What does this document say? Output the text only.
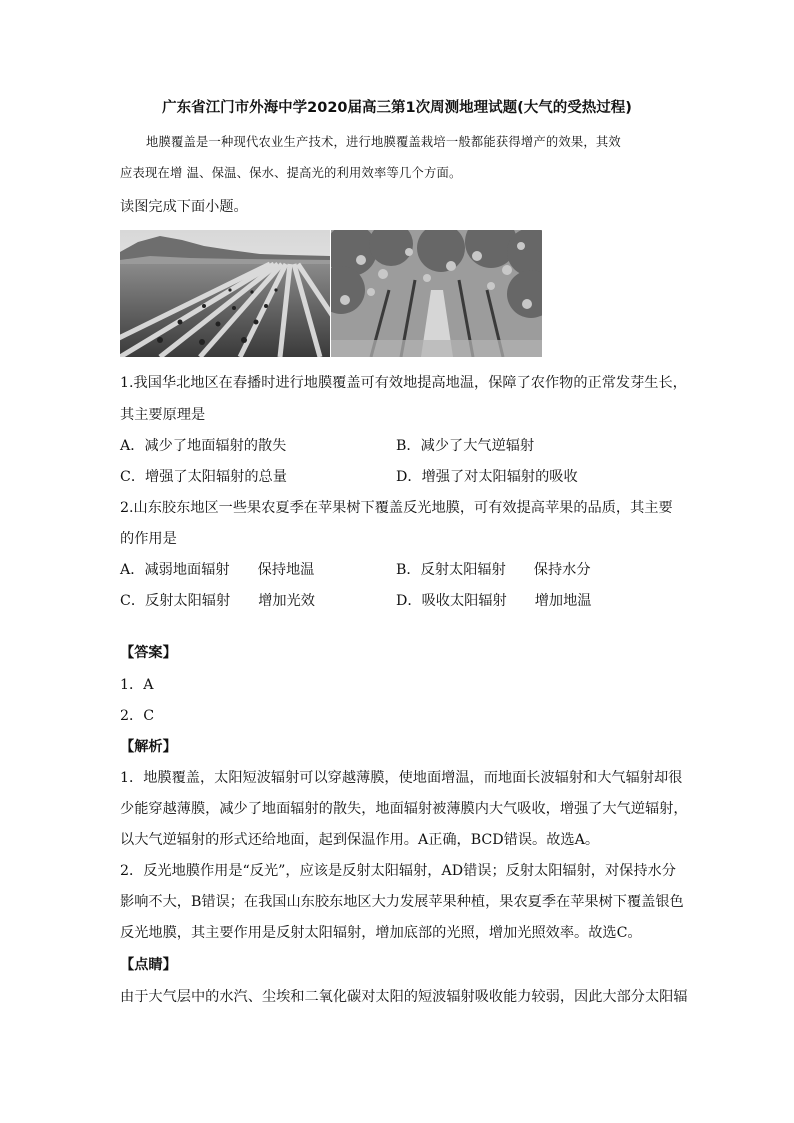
广东省江门市外海中学2020届高三第1次周测地理试题(大气的受热过程)
地膜覆盖是一种现代农业生产技术，进行地膜覆盖栽培一般都能获得增产的效果，其效
应表现在增 温、保温、保水、提高光的利用效率等几个方面。
读图完成下面小题。
1.我国华北地区在春播时进行地膜覆盖可有效地提高地温，保障了农作物的正常发芽生长，
其主要原理是
A．减少了地面辐射的散失	B．减少了大气逆辐射
C．增强了太阳辐射的总量	D．增强了对太阳辐射的吸收
2.山东胶东地区一些果农夏季在苹果树下覆盖反光地膜，可有效提高苹果的品质，其主要
的作用是
A．减弱地面辐射 保持地温	B．反射太阳辐射 保持水分
C．反射太阳辐射 增加光效	D．吸收太阳辐射 增加地温
【答案】
1．A
2．C
【解析】
1．地膜覆盖，太阳短波辐射可以穿越薄膜，使地面增温，而地面长波辐射和大气辐射却很
少能穿越薄膜，减少了地面辐射的散失，地面辐射被薄膜内大气吸收，增强了大气逆辐射，
以大气逆辐射的形式还给地面，起到保温作用。A正确，BCD错误。故选A。
2．反光地膜作用是“反光”，应该是反射太阳辐射，AD错误；反射太阳辐射，对保持水分
影响不大，B错误；在我国山东胶东地区大力发展苹果种植，果农夏季在苹果树下覆盖银色
反光地膜，其主要作用是反射太阳辐射，增加底部的光照，增加光照效率。故选C。
【点睛】
由于大气层中的水汽、尘埃和二氧化碳对太阳的短波辐射吸收能力较弱，因此大部分太阳辐
